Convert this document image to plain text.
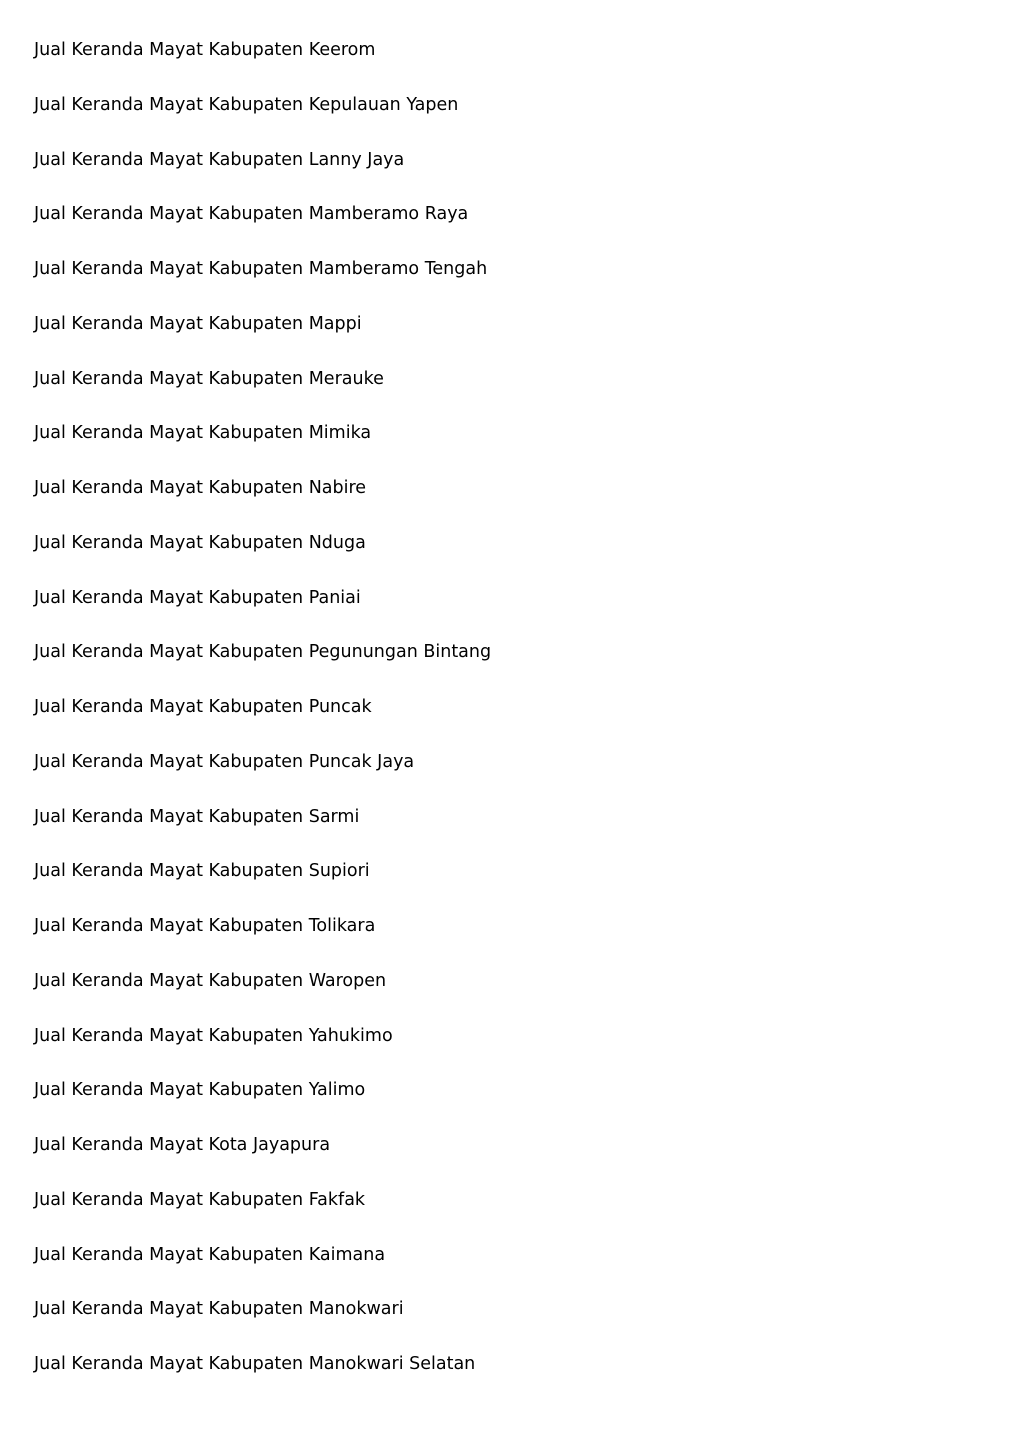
Jual Keranda Mayat Kabupaten Keerom
Jual Keranda Mayat Kabupaten Kepulauan Yapen
Jual Keranda Mayat Kabupaten Lanny Jaya
Jual Keranda Mayat Kabupaten Mamberamo Raya
Jual Keranda Mayat Kabupaten Mamberamo Tengah
Jual Keranda Mayat Kabupaten Mappi
Jual Keranda Mayat Kabupaten Merauke
Jual Keranda Mayat Kabupaten Mimika
Jual Keranda Mayat Kabupaten Nabire
Jual Keranda Mayat Kabupaten Nduga
Jual Keranda Mayat Kabupaten Paniai
Jual Keranda Mayat Kabupaten Pegunungan Bintang
Jual Keranda Mayat Kabupaten Puncak
Jual Keranda Mayat Kabupaten Puncak Jaya
Jual Keranda Mayat Kabupaten Sarmi
Jual Keranda Mayat Kabupaten Supiori
Jual Keranda Mayat Kabupaten Tolikara
Jual Keranda Mayat Kabupaten Waropen
Jual Keranda Mayat Kabupaten Yahukimo
Jual Keranda Mayat Kabupaten Yalimo
Jual Keranda Mayat Kota Jayapura
Jual Keranda Mayat Kabupaten Fakfak
Jual Keranda Mayat Kabupaten Kaimana
Jual Keranda Mayat Kabupaten Manokwari
Jual Keranda Mayat Kabupaten Manokwari Selatan
